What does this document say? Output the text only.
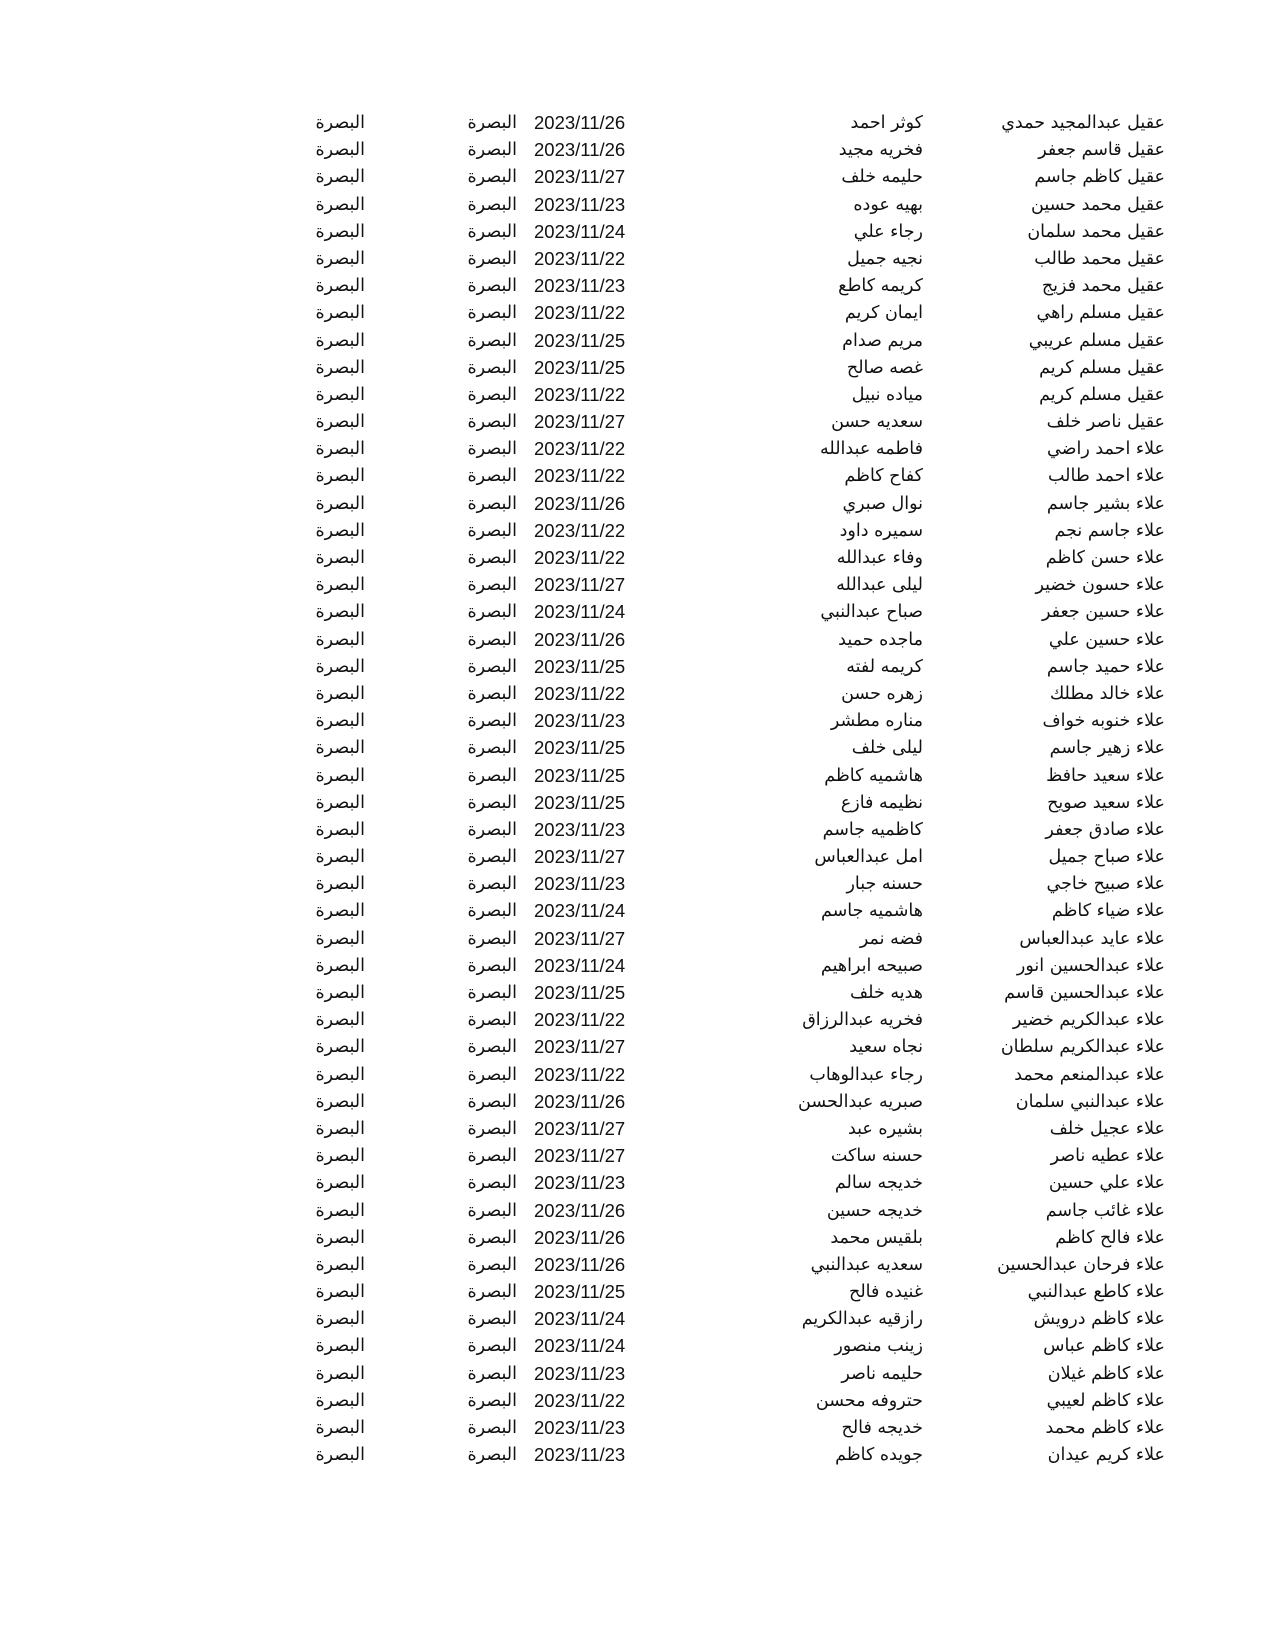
عقيل عبدالمجيد حمدي
كوثر احمد
2023/11/26
البصرة
البصرة
عقيل قاسم جعفر
فخريه مجيد
2023/11/26
البصرة
البصرة
عقيل كاظم جاسم
حليمه خلف
2023/11/27
البصرة
البصرة
عقيل محمد حسين
بهيه عوده
2023/11/23
البصرة
البصرة
عقيل محمد سلمان
رجاء علي
2023/11/24
البصرة
البصرة
عقيل محمد طالب
نجيه جميل
2023/11/22
البصرة
البصرة
عقيل محمد فزيج
كريمه كاطع
2023/11/23
البصرة
البصرة
عقيل مسلم راهي
ايمان كريم
2023/11/22
البصرة
البصرة
عقيل مسلم عريبي
مريم صدام
2023/11/25
البصرة
البصرة
عقيل مسلم كريم
غصه صالح
2023/11/25
البصرة
البصرة
عقيل مسلم كريم
مياده نبيل
2023/11/22
البصرة
البصرة
عقيل ناصر خلف
سعديه حسن
2023/11/27
البصرة
البصرة
علاء احمد راضي
فاطمه عبدالله
2023/11/22
البصرة
البصرة
علاء احمد طالب
كفاح كاظم
2023/11/22
البصرة
البصرة
علاء بشير جاسم
نوال صبري
2023/11/26
البصرة
البصرة
علاء جاسم نجم
سميره داود
2023/11/22
البصرة
البصرة
علاء حسن كاظم
وفاء عبدالله
2023/11/22
البصرة
البصرة
علاء حسون خضير
ليلى عبدالله
2023/11/27
البصرة
البصرة
علاء حسين جعفر
صباح عبدالنبي
2023/11/24
البصرة
البصرة
علاء حسين علي
ماجده حميد
2023/11/26
البصرة
البصرة
علاء حميد جاسم
كريمه لفته
2023/11/25
البصرة
البصرة
علاء خالد مطلك
زهره حسن
2023/11/22
البصرة
البصرة
علاء خنوبه خواف
مناره مطشر
2023/11/23
البصرة
البصرة
علاء زهير جاسم
ليلى خلف
2023/11/25
البصرة
البصرة
علاء سعيد حافظ
هاشميه كاظم
2023/11/25
البصرة
البصرة
علاء سعيد صويح
نظيمه فازع
2023/11/25
البصرة
البصرة
علاء صادق جعفر
كاظميه جاسم
2023/11/23
البصرة
البصرة
علاء صباح جميل
امل عبدالعباس
2023/11/27
البصرة
البصرة
علاء صبيح خاجي
حسنه جبار
2023/11/23
البصرة
البصرة
علاء ضياء كاظم
هاشميه جاسم
2023/11/24
البصرة
البصرة
علاء عايد عبدالعباس
فضه نمر
2023/11/27
البصرة
البصرة
علاء عبدالحسين انور
صبيحه ابراهيم
2023/11/24
البصرة
البصرة
علاء عبدالحسين قاسم
هديه خلف
2023/11/25
البصرة
البصرة
علاء عبدالكريم خضير
فخريه عبدالرزاق
2023/11/22
البصرة
البصرة
علاء عبدالكريم سلطان
نجاه سعيد
2023/11/27
البصرة
البصرة
علاء عبدالمنعم محمد
رجاء عبدالوهاب
2023/11/22
البصرة
البصرة
علاء عبدالنبي سلمان
صبريه عبدالحسن
2023/11/26
البصرة
البصرة
علاء عجيل خلف
بشيره عبد
2023/11/27
البصرة
البصرة
علاء عطيه ناصر
حسنه ساكت
2023/11/27
البصرة
البصرة
علاء علي حسين
خديجه سالم
2023/11/23
البصرة
البصرة
علاء غائب جاسم
خديجه حسين
2023/11/26
البصرة
البصرة
علاء فالح كاظم
بلقيس محمد
2023/11/26
البصرة
البصرة
علاء فرحان عبدالحسين
سعديه عبدالنبي
2023/11/26
البصرة
البصرة
علاء كاطع عبدالنبي
غنيده فالح
2023/11/25
البصرة
البصرة
علاء كاظم درويش
رازقيه عبدالكريم
2023/11/24
البصرة
البصرة
علاء كاظم عباس
زينب منصور
2023/11/24
البصرة
البصرة
علاء كاظم غيلان
حليمه ناصر
2023/11/23
البصرة
البصرة
علاء كاظم لعيبي
حتروفه محسن
2023/11/22
البصرة
البصرة
علاء كاظم محمد
خديجه فالح
2023/11/23
البصرة
البصرة
علاء كريم عيدان
جويده كاظم
2023/11/23
البصرة
البصرة
